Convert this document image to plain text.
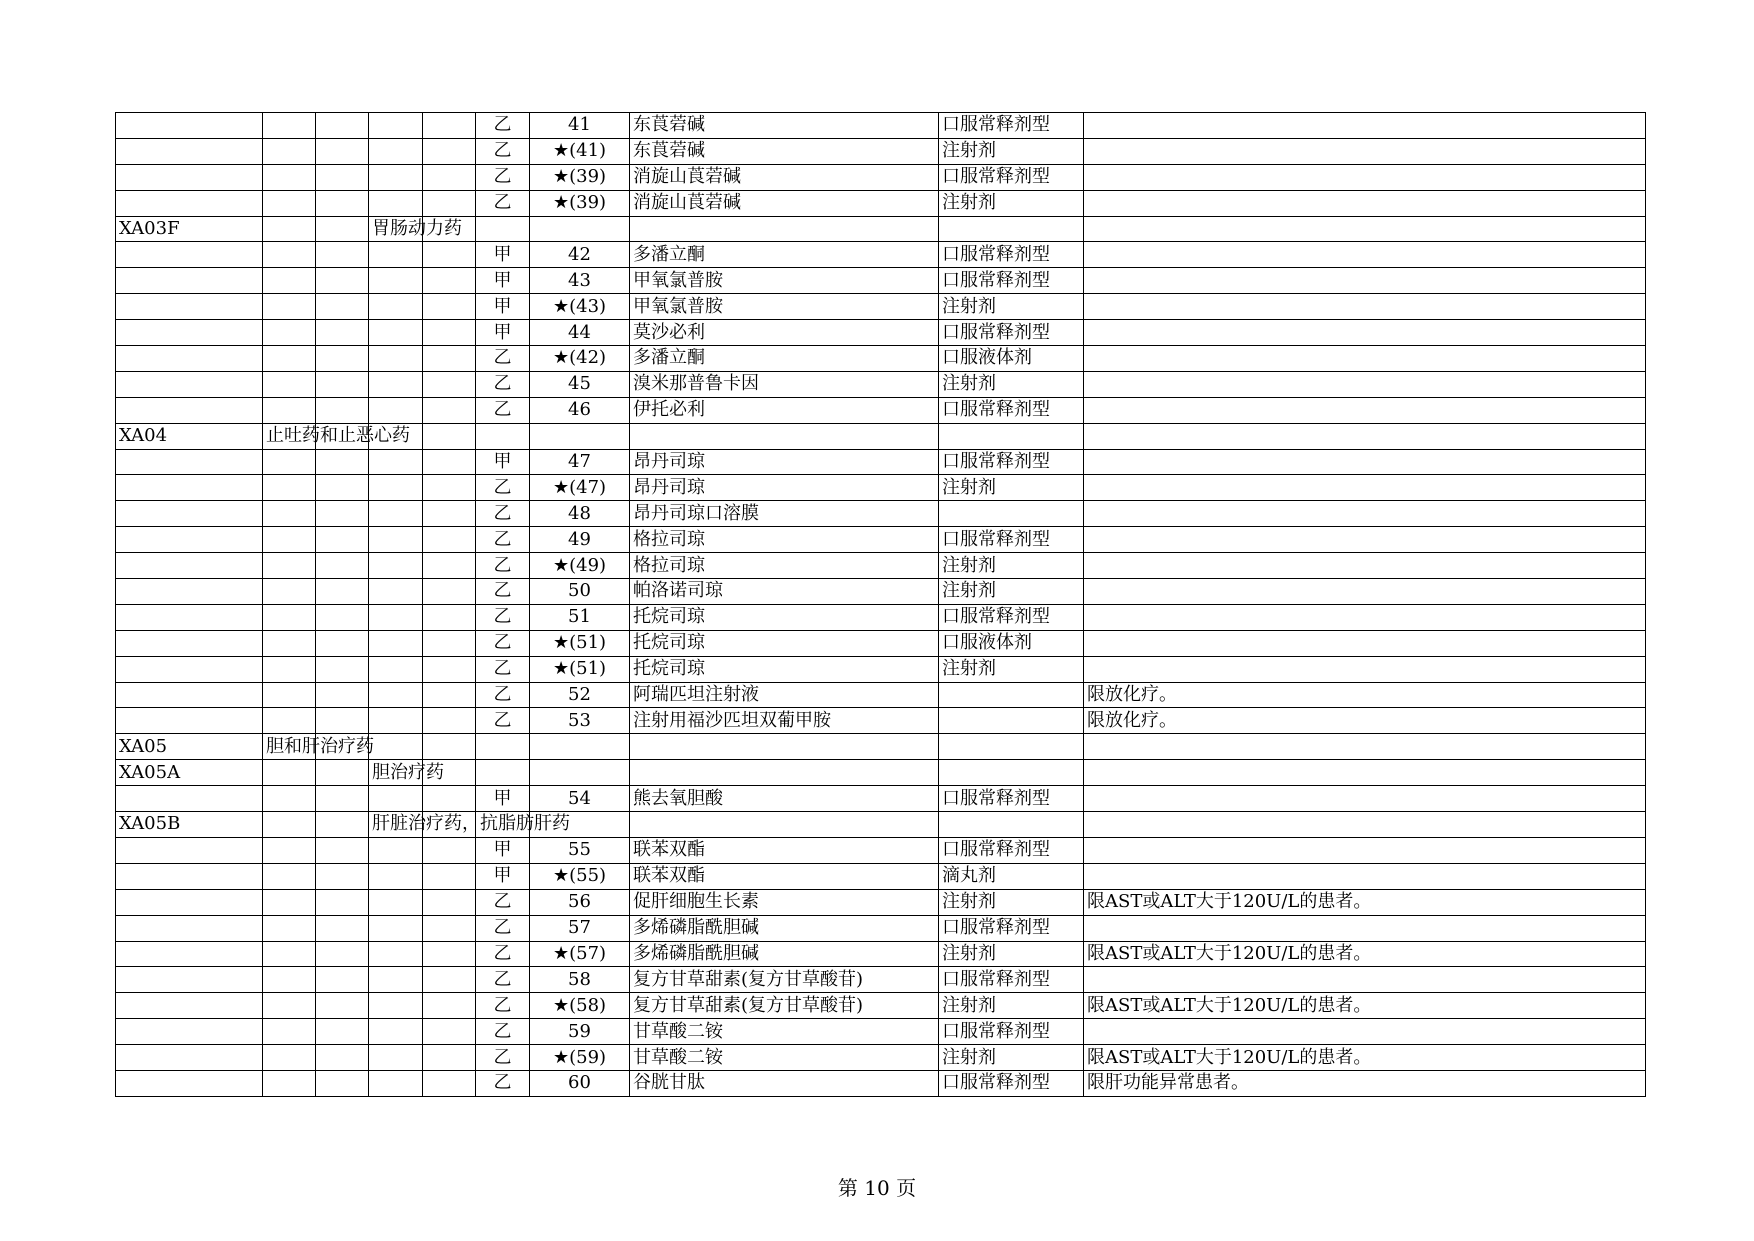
					乙	41	东莨菪碱	口服常释剂型	
					乙	★(41)	东莨菪碱	注射剂	
					乙	★(39)	消旋山莨菪碱	口服常释剂型	
					乙	★(39)	消旋山莨菪碱	注射剂	
XA03F			胃肠动力药						
					甲	42	多潘立酮	口服常释剂型	
					甲	43	甲氧氯普胺	口服常释剂型	
					甲	★(43)	甲氧氯普胺	注射剂	
					甲	44	莫沙必利	口服常释剂型	
					乙	★(42)	多潘立酮	口服液体剂	
					乙	45	溴米那普鲁卡因	注射剂	
					乙	46	伊托必利	口服常释剂型	
XA04	止吐药和止恶心药								
					甲	47	昂丹司琼	口服常释剂型	
					乙	★(47)	昂丹司琼	注射剂	
					乙	48	昂丹司琼口溶膜		
					乙	49	格拉司琼	口服常释剂型	
					乙	★(49)	格拉司琼	注射剂	
					乙	50	帕洛诺司琼	注射剂	
					乙	51	托烷司琼	口服常释剂型	
					乙	★(51)	托烷司琼	口服液体剂	
					乙	★(51)	托烷司琼	注射剂	
					乙	52	阿瑞匹坦注射液		限放化疗。
					乙	53	注射用福沙匹坦双葡甲胺		限放化疗。
XA05	胆和肝治疗药								
XA05A			胆治疗药						
					甲	54	熊去氧胆酸	口服常释剂型	
XA05B			肝脏治疗药，抗脂肪肝药						
					甲	55	联苯双酯	口服常释剂型	
					甲	★(55)	联苯双酯	滴丸剂	
					乙	56	促肝细胞生长素	注射剂	限AST或ALT大于120U/L的患者。
					乙	57	多烯磷脂酰胆碱	口服常释剂型	
					乙	★(57)	多烯磷脂酰胆碱	注射剂	限AST或ALT大于120U/L的患者。
					乙	58	复方甘草甜素(复方甘草酸苷)	口服常释剂型	
					乙	★(58)	复方甘草甜素(复方甘草酸苷)	注射剂	限AST或ALT大于120U/L的患者。
					乙	59	甘草酸二铵	口服常释剂型	
					乙	★(59)	甘草酸二铵	注射剂	限AST或ALT大于120U/L的患者。
					乙	60	谷胱甘肽	口服常释剂型	限肝功能异常患者。
第 10 页
